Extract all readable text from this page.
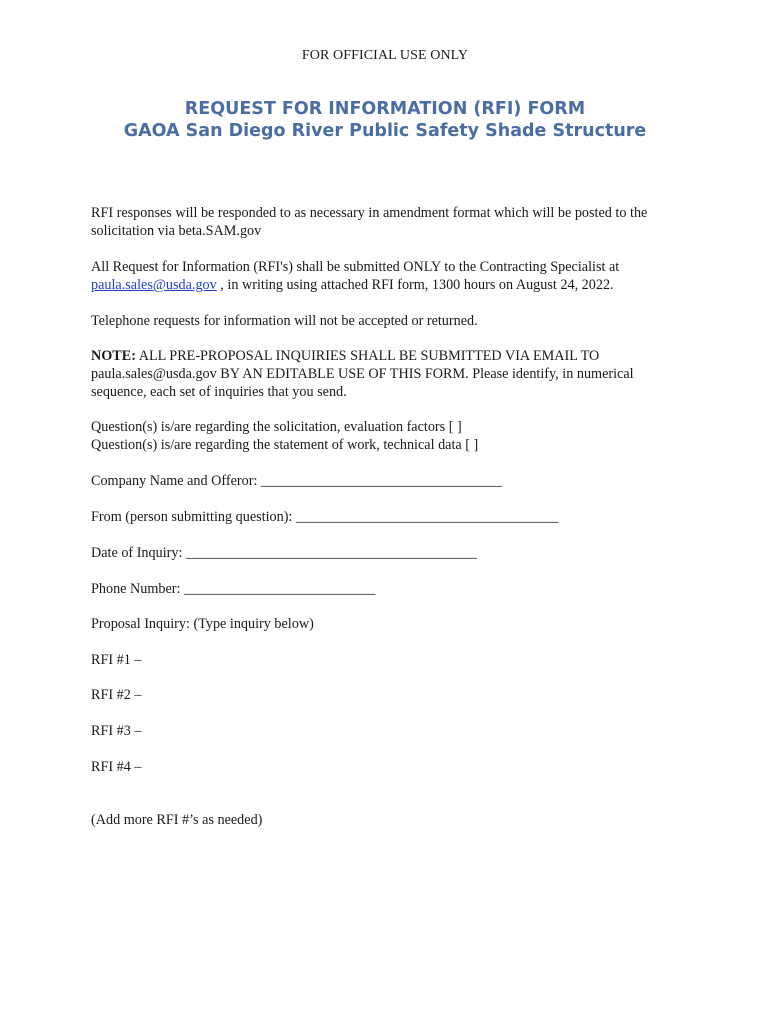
FOR OFFICIAL USE ONLY
REQUEST FOR INFORMATION (RFI) FORM
GAOA San Diego River Public Safety Shade Structure
RFI responses will be responded to as necessary in amendment format which will be posted to the
solicitation via beta.SAM.gov
All Request for Information (RFI's) shall be submitted ONLY to the Contracting Specialist at
paula.sales@usda.gov , in writing using attached RFI form, 1300 hours on August 24, 2022.
Telephone requests for information will not be accepted or returned.
NOTE: ALL PRE-PROPOSAL INQUIRIES SHALL BE SUBMITTED VIA EMAIL TO
paula.sales@usda.gov BY AN EDITABLE USE OF THIS FORM. Please identify, in numerical
sequence, each set of inquiries that you send.
Question(s) is/are regarding the solicitation, evaluation factors [ ]
Question(s) is/are regarding the statement of work, technical data [ ]
Company Name and Offeror: __________________________________
From (person submitting question): _____________________________________
Date of Inquiry: _________________________________________
Phone Number: ___________________________
Proposal Inquiry: (Type inquiry below)
RFI #1 –
RFI #2 –
RFI #3 –
RFI #4 –
(Add more RFI #’s as needed)
